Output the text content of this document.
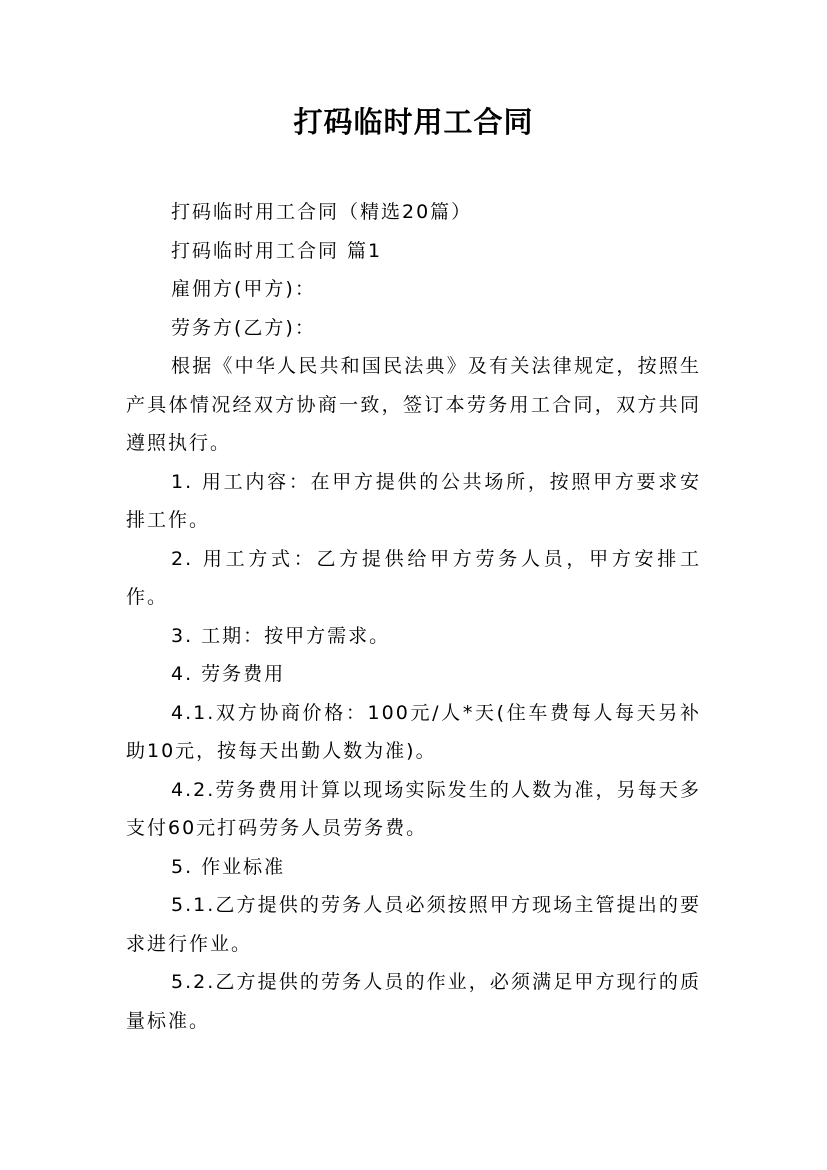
打码临时用工合同

打码临时用工合同（精选20篇）

打码临时用工合同 篇1

雇佣方(甲方)：

劳务方(乙方)：

根据《中华人民共和国民法典》及有关法律规定，按照生产具体情况经双方协商一致，签订本劳务用工合同，双方共同遵照执行。

1. 用工内容：在甲方提供的公共场所，按照甲方要求安排工作。

2. 用工方式：乙方提供给甲方劳务人员，甲方安排工作。

3. 工期：按甲方需求。

4. 劳务费用

4.1.双方协商价格：100元/人*天(住车费每人每天另补助10元，按每天出勤人数为准)。

4.2.劳务费用计算以现场实际发生的人数为准，另每天多支付60元打码劳务人员劳务费。

5. 作业标准

5.1.乙方提供的劳务人员必须按照甲方现场主管提出的要求进行作业。

5.2.乙方提供的劳务人员的作业，必须满足甲方现行的质量标准。
